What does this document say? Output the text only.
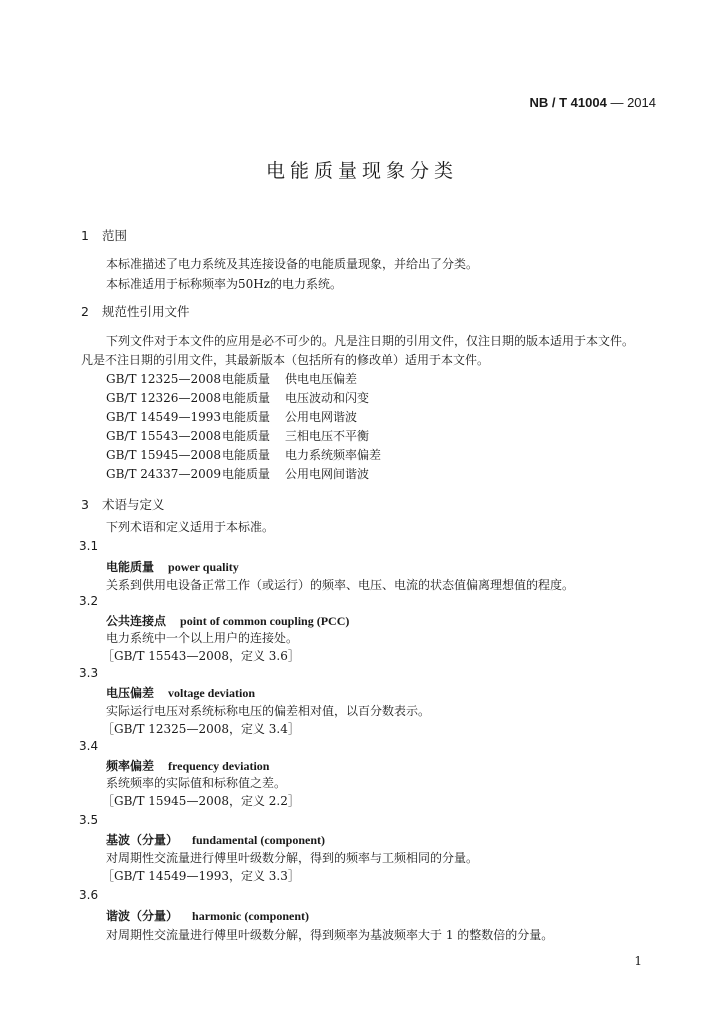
NB / T 41004 — 2014
电能质量现象分类
1 范围
本标准描述了电力系统及其连接设备的电能质量现象，并给出了分类。
本标准适用于标称频率为50Hz的电力系统。
2 规范性引用文件
下列文件对于本文件的应用是必不可少的。凡是注日期的引用文件，仅注日期的版本适用于本文件。
凡是不注日期的引用文件，其最新版本（包括所有的修改单）适用于本文件。
GB/T 12325—2008电能质量 供电电压偏差
GB/T 12326—2008电能质量 电压波动和闪变
GB/T 14549—1993电能质量 公用电网谐波
GB/T 15543—2008电能质量 三相电压不平衡
GB/T 15945—2008电能质量 电力系统频率偏差
GB/T 24337—2009电能质量 公用电网间谐波
3 术语与定义
下列术语和定义适用于本标准。
3.1
电能质量 power quality
关系到供用电设备正常工作（或运行）的频率、电压、电流的状态值偏离理想值的程度。
3.2
公共连接点 point of common coupling (PCC)
电力系统中一个以上用户的连接处。
［GB/T 15543—2008，定义 3.6］
3.3
电压偏差 voltage deviation
实际运行电压对系统标称电压的偏差相对值，以百分数表示。
［GB/T 12325—2008，定义 3.4］
3.4
频率偏差 frequency deviation
系统频率的实际值和标称值之差。
［GB/T 15945—2008，定义 2.2］
3.5
基波（分量） fundamental (component)
对周期性交流量进行傅里叶级数分解，得到的频率与工频相同的分量。
［GB/T 14549—1993，定义 3.3］
3.6
谐波（分量） harmonic (component)
对周期性交流量进行傅里叶级数分解，得到频率为基波频率大于 1 的整数倍的分量。
1
